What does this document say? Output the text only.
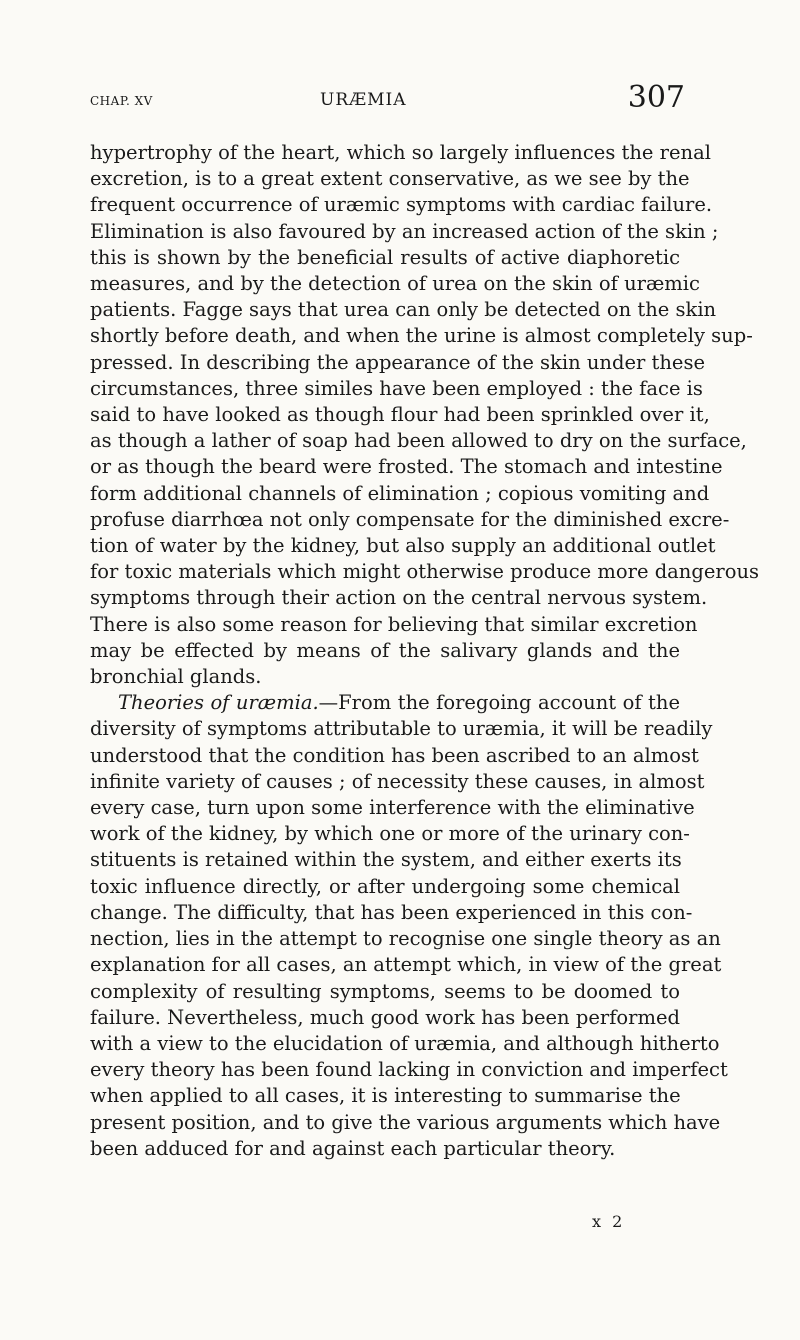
CHAP. XV	URÆMIA	307
hypertrophy of the heart, which so largely influences the renal
excretion, is to a great extent conservative, as we see by the
frequent occurrence of uræmic symptoms with cardiac failure.
Elimination is also favoured by an increased action of the skin ;
this is shown by the beneficial results of active diaphoretic
measures, and by the detection of urea on the skin of uræmic
patients. Fagge says that urea can only be detected on the skin
shortly before death, and when the urine is almost completely sup-
pressed. In describing the appearance of the skin under these
circumstances, three similes have been employed : the face is
said to have looked as though flour had been sprinkled over it,
as though a lather of soap had been allowed to dry on the surface,
or as though the beard were frosted. The stomach and intestine
form additional channels of elimination ; copious vomiting and
profuse diarrhœa not only compensate for the diminished excre-
tion of water by the kidney, but also supply an additional outlet
for toxic materials which might otherwise produce more dangerous
symptoms through their action on the central nervous system.
There is also some reason for believing that similar excretion
may be effected by means of the salivary glands and the
bronchial glands.
Theories of uræmia.—From the foregoing account of the
diversity of symptoms attributable to uræmia, it will be readily
understood that the condition has been ascribed to an almost
infinite variety of causes ; of necessity these causes, in almost
every case, turn upon some interference with the eliminative
work of the kidney, by which one or more of the urinary con-
stituents is retained within the system, and either exerts its
toxic influence directly, or after undergoing some chemical
change. The difficulty, that has been experienced in this con-
nection, lies in the attempt to recognise one single theory as an
explanation for all cases, an attempt which, in view of the great
complexity of resulting symptoms, seems to be doomed to
failure. Nevertheless, much good work has been performed
with a view to the elucidation of uræmia, and although hitherto
every theory has been found lacking in conviction and imperfect
when applied to all cases, it is interesting to summarise the
present position, and to give the various arguments which have
been adduced for and against each particular theory.
x 2
